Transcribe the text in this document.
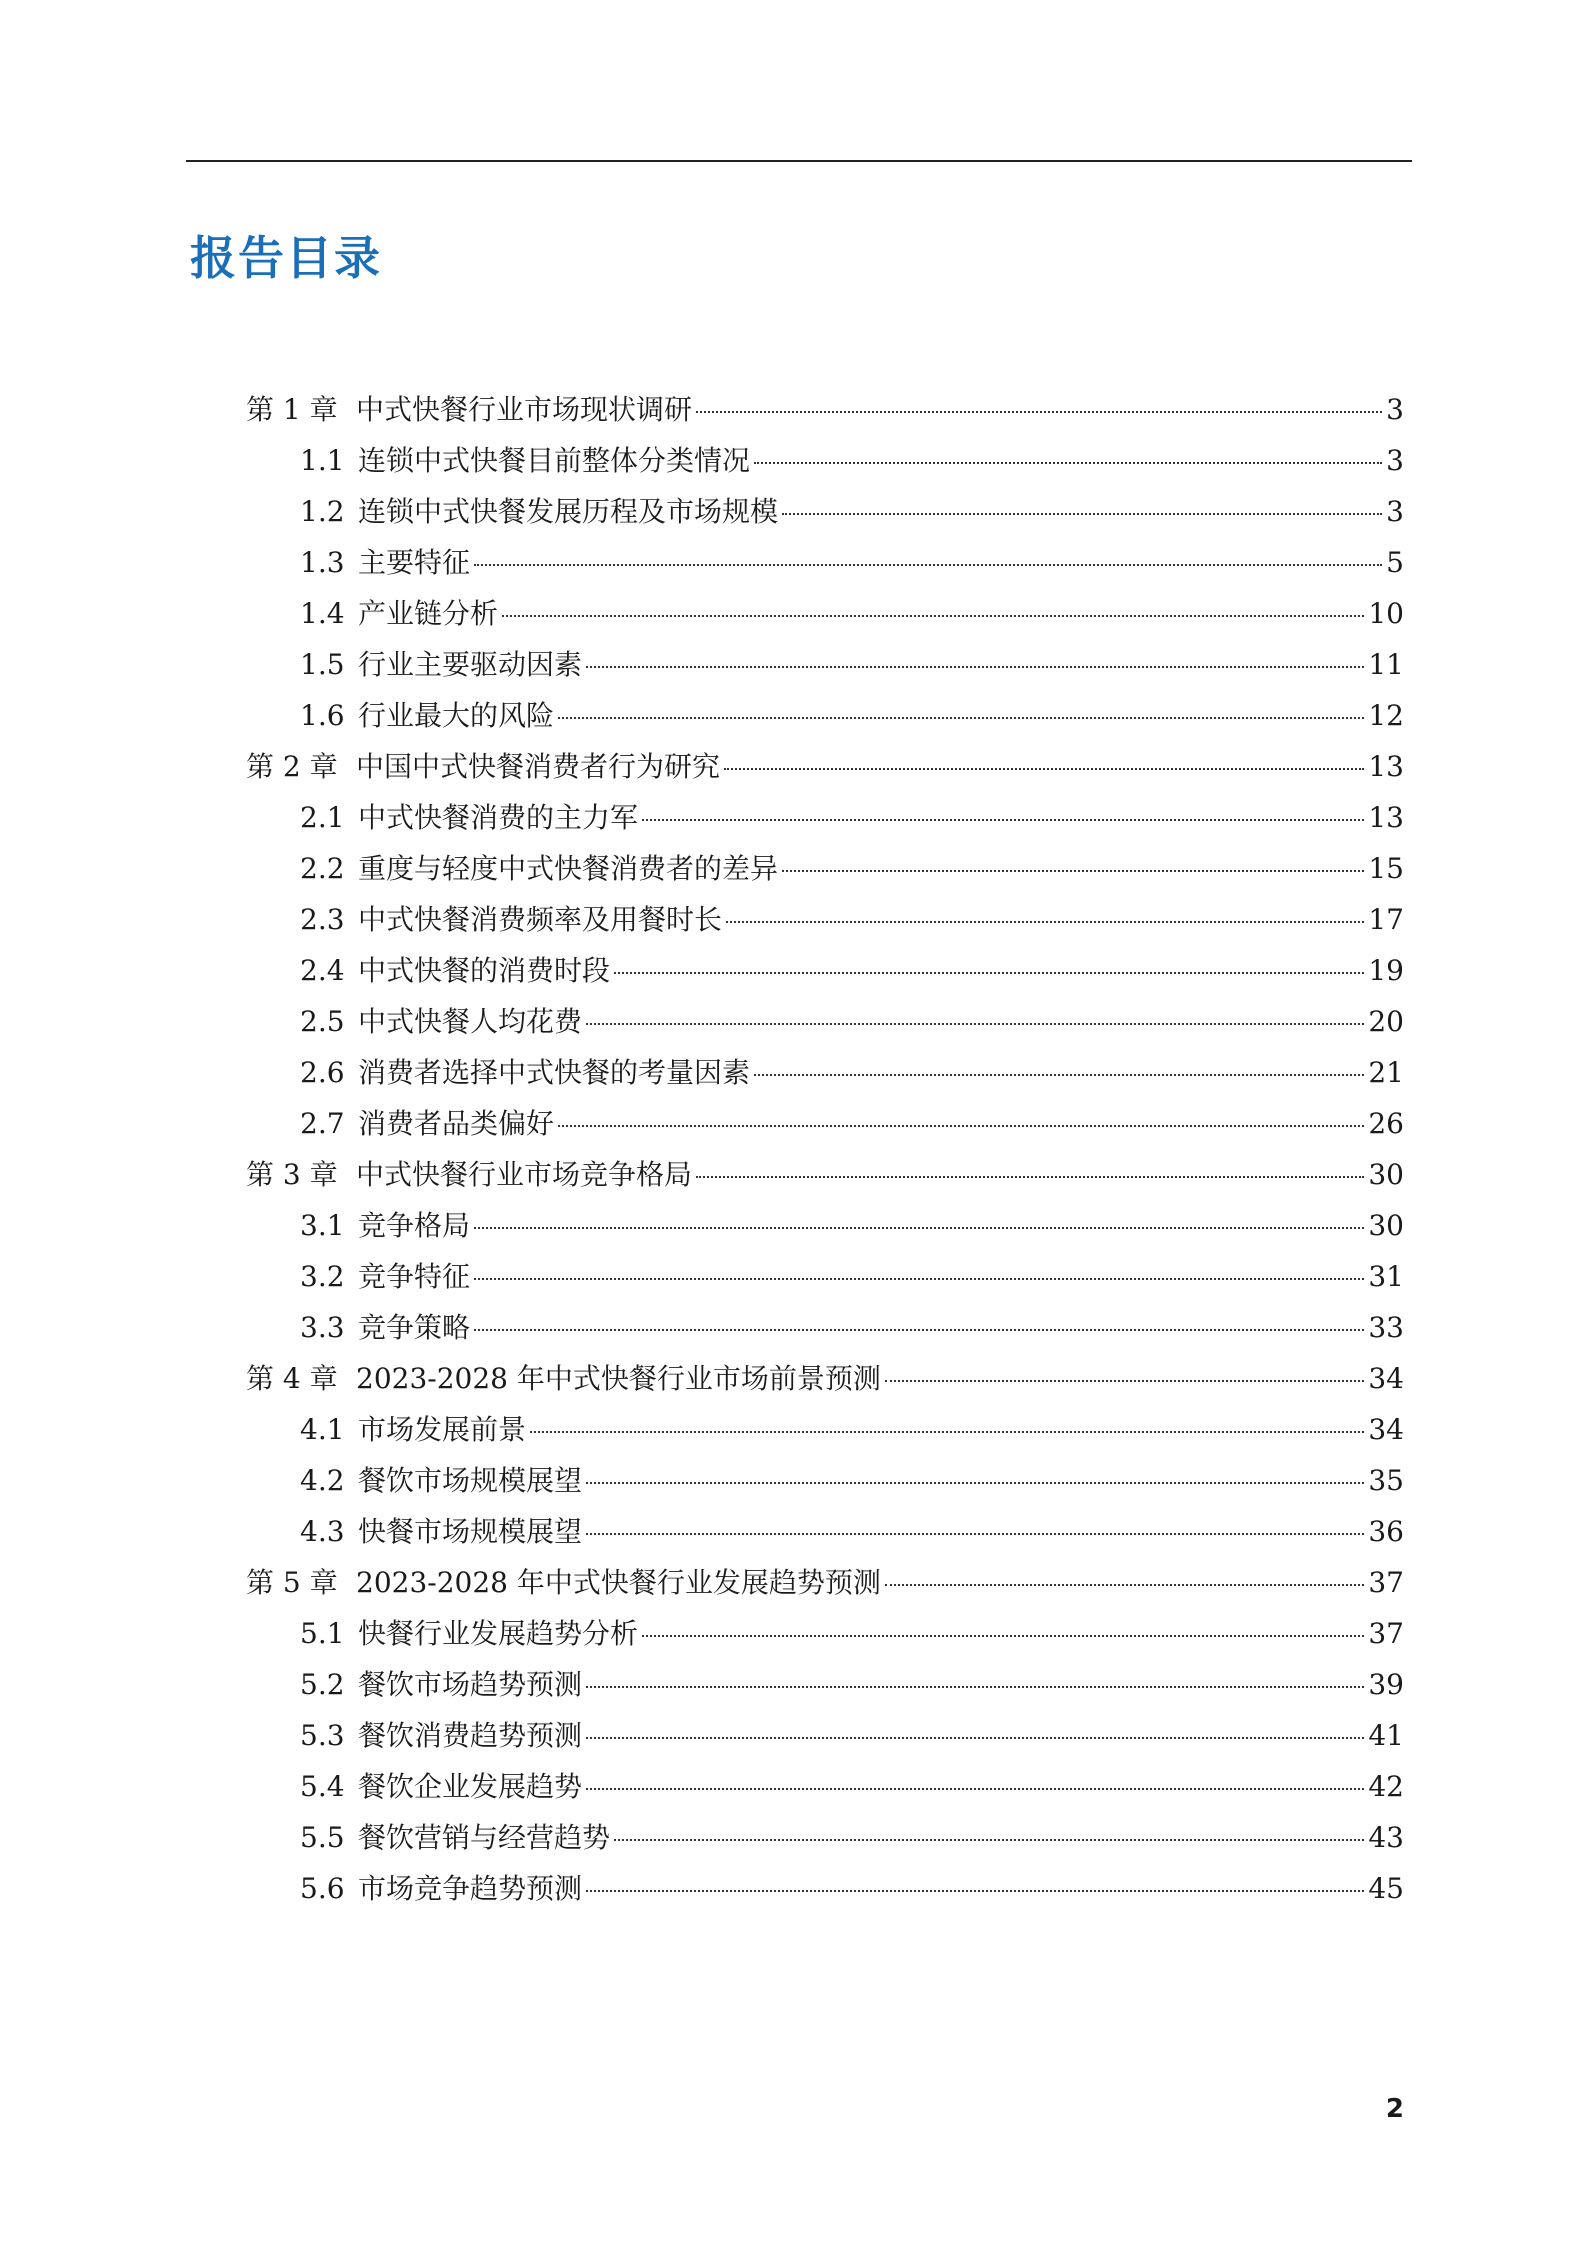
报告目录
第 1 章 中式快餐行业市场现状调研	3
1.1 连锁中式快餐目前整体分类情况	3
1.2 连锁中式快餐发展历程及市场规模	3
1.3 主要特征	5
1.4 产业链分析	10
1.5 行业主要驱动因素	11
1.6 行业最大的风险	12
第 2 章 中国中式快餐消费者行为研究	13
2.1 中式快餐消费的主力军	13
2.2 重度与轻度中式快餐消费者的差异	15
2.3 中式快餐消费频率及用餐时长	17
2.4 中式快餐的消费时段	19
2.5 中式快餐人均花费	20
2.6 消费者选择中式快餐的考量因素	21
2.7 消费者品类偏好	26
第 3 章 中式快餐行业市场竞争格局	30
3.1 竞争格局	30
3.2 竞争特征	31
3.3 竞争策略	33
第 4 章 2023-2028 年中式快餐行业市场前景预测	34
4.1 市场发展前景	34
4.2 餐饮市场规模展望	35
4.3 快餐市场规模展望	36
第 5 章 2023-2028 年中式快餐行业发展趋势预测	37
5.1 快餐行业发展趋势分析	37
5.2 餐饮市场趋势预测	39
5.3 餐饮消费趋势预测	41
5.4 餐饮企业发展趋势	42
5.5 餐饮营销与经营趋势	43
5.6 市场竞争趋势预测	45
2
